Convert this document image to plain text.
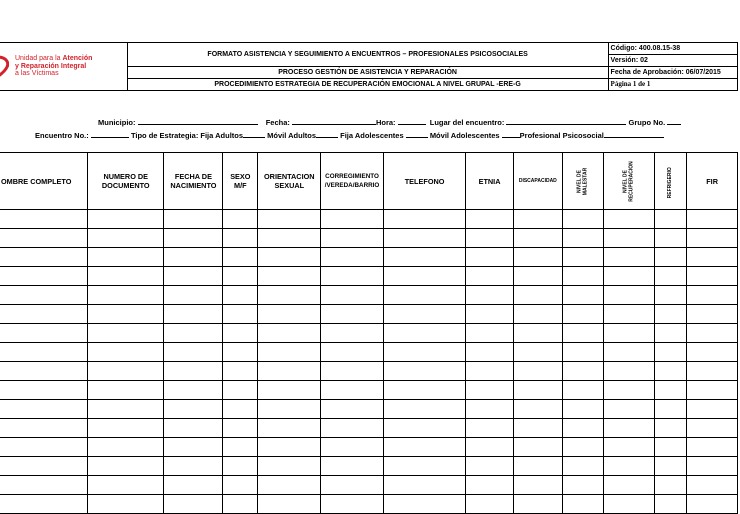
Unidad para la Atención
y Reparación Integral
a las Víctimas	FORMATO ASISTENCIA Y SEGUIMIENTO A ENCUENTROS – PROFESIONALES PSICOSOCIALES	Código: 400.08.15-38
		Versión: 02
	PROCESO GESTIÓN DE ASISTENCIA Y REPARACIÓN	Fecha de Aprobación: 06/07/2015
	PROCEDIMIENTO ESTRATEGIA DE RECUPERACIÓN EMOCIONAL A NIVEL GRUPAL -ERE-G	Página 1 de 1
Municipio:	Fecha:	Hora:	Lugar del encuentro:	Grupo No.
Encuentro No.:	Tipo de Estrategia: Fija Adultos	Móvil Adultos	Fija Adolescentes	Móvil Adolescentes	Profesional Psicosocial
OMBRE COMPLETO	NUMERO DE DOCUMENTO	FECHA DE NACIMIENTO	SEXO M/F	ORIENTACION SEXUAL	CORREGIMIENTO /VEREDA/BARRIO	TELEFONO	ETNIA	DISCAPACIDAD	NIVEL DE MALESTAR	NIVEL DE RECUPERACION	REFRIGERIO	FIR
